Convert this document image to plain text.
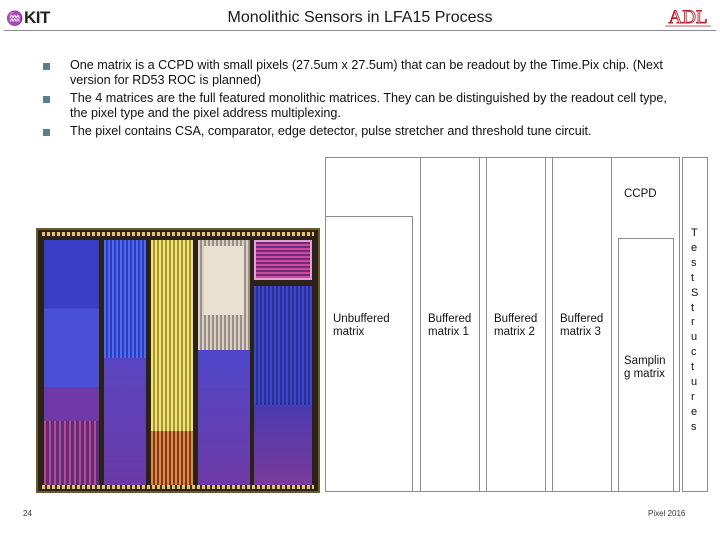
♒KIT	Monolithic Sensors in LFA15 Process	ADL
One matrix is a CCPD with small pixels (27.5um x 27.5um) that can be readout by the Time.Pix chip. (Next version for RD53 ROC is planned)
The 4 matrices are the full featured monolithic matrices. They can be distinguished by the readout cell type, the pixel type and the pixel address multiplexing.
The pixel contains CSA, comparator, edge detector, pulse stretcher and threshold tune circuit.
CCPD
Unbuffered matrix
Buffered matrix 1
Buffered matrix 2
Buffered matrix 3
Samplin g matrix
T e s t S t r u c t u r e s
24	Pixel 2016
